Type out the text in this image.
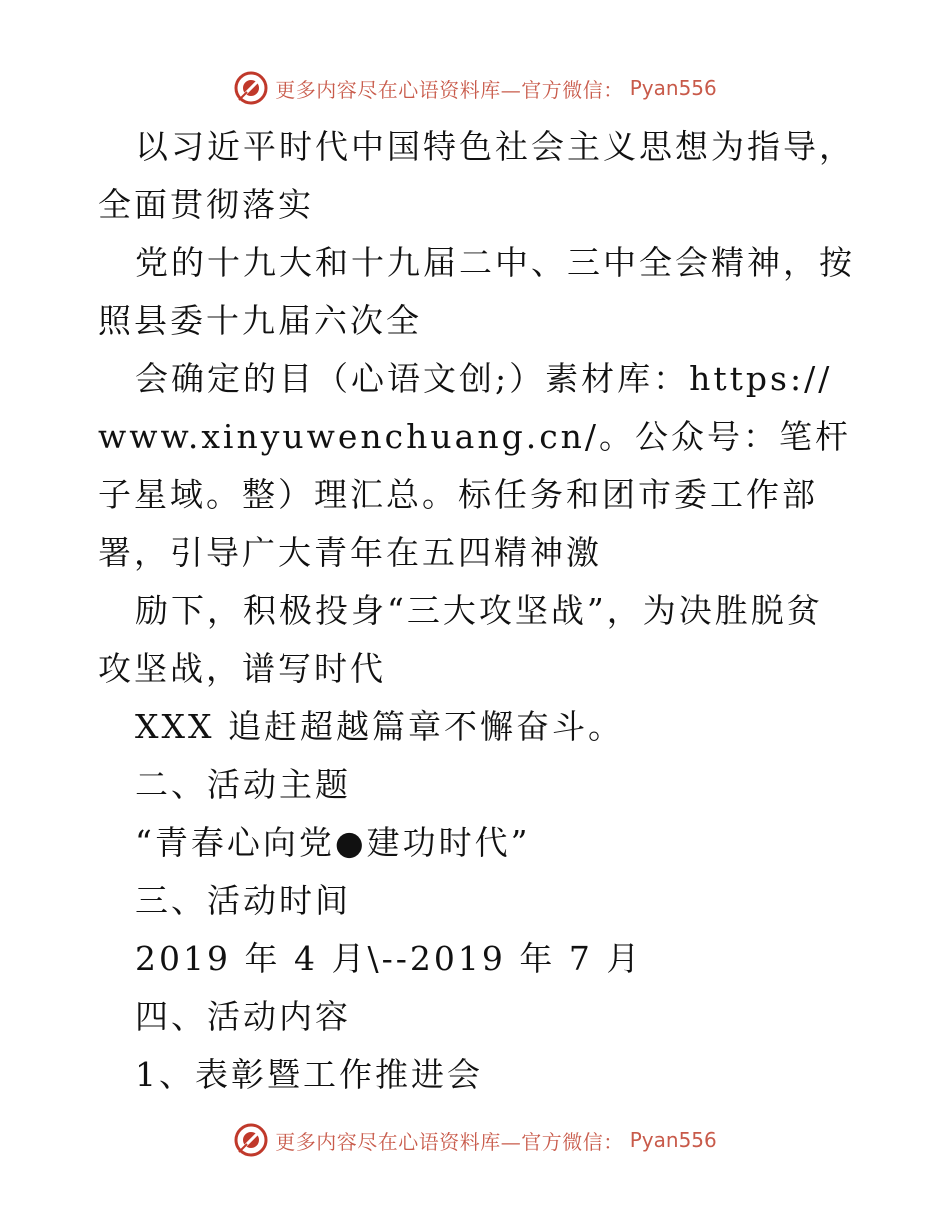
更多内容尽在心语资料库—官方微信： Pyan556

以习近平时代中国特色社会主义思想为指导，全面贯彻落实

党的十九大和十九届二中、三中全会精神，按照县委十九届六次全

会确定的目（心语文创;）素材库：https://www.xinyuwenchuang.cn/。公众号：笔杆子星域。整）理汇总。标任务和团市委工作部署，引导广大青年在五四精神激

励下，积极投身“三大攻坚战”，为决胜脱贫攻坚战，谱写时代

XXX 追赶超越篇章不懈奋斗。

二、活动主题

“青春心向党●建功时代”

三、活动时间

2019 年 4 月\--2019 年 7 月

四、活动内容

1、表彰暨工作推进会

更多内容尽在心语资料库—官方微信： Pyan556
